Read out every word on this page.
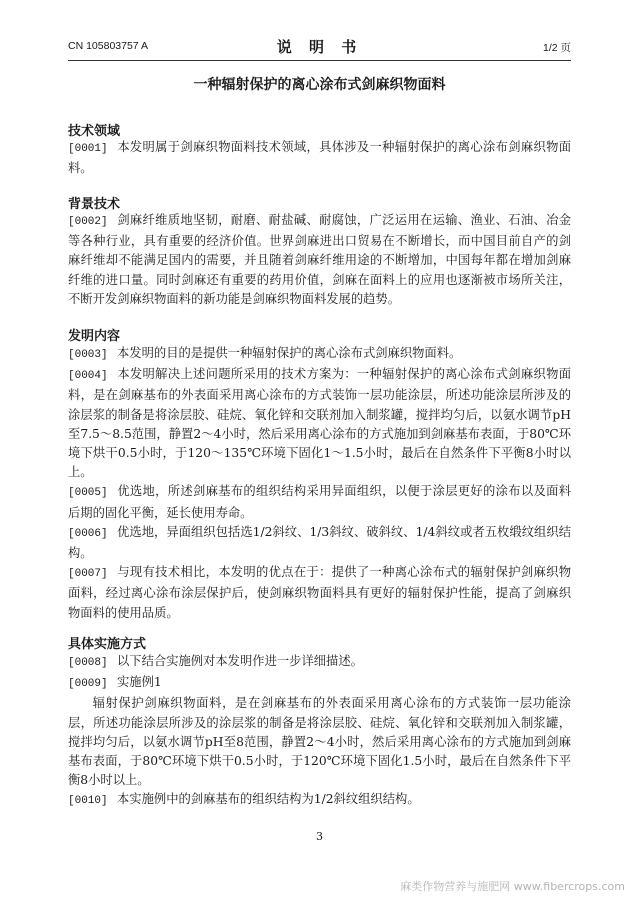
CN 105803757 A	说 明 书	1/2 页
一种辐射保护的离心涂布式剑麻织物面料
技术领域
[0001] 本发明属于剑麻织物面料技术领域，具体涉及一种辐射保护的离心涂布剑麻织物面料。
背景技术
[0002] 剑麻纤维质地坚韧，耐磨、耐盐碱、耐腐蚀，广泛运用在运输、渔业、石油、冶金等各种行业，具有重要的经济价值。世界剑麻进出口贸易在不断增长，而中国目前自产的剑麻纤维却不能满足国内的需要，并且随着剑麻纤维用途的不断增加，中国每年都在增加剑麻纤维的进口量。同时剑麻还有重要的药用价值，剑麻在面料上的应用也逐渐被市场所关注，不断开发剑麻织物面料的新功能是剑麻织物面料发展的趋势。
发明内容
[0003] 本发明的目的是提供一种辐射保护的离心涂布式剑麻织物面料。
[0004] 本发明解决上述问题所采用的技术方案为：一种辐射保护的离心涂布式剑麻织物面料，是在剑麻基布的外表面采用离心涂布的方式装饰一层功能涂层，所述功能涂层所涉及的涂层浆的制备是将涂层胶、硅烷、氧化锌和交联剂加入制浆罐，搅拌均匀后，以氨水调节pH至7.5～8.5范围，静置2～4小时，然后采用离心涂布的方式施加到剑麻基布表面，于80℃环境下烘干0.5小时，于120～135℃环境下固化1～1.5小时，最后在自然条件下平衡8小时以上。
[0005] 优选地，所述剑麻基布的组织结构采用异面组织，以便于涂层更好的涂布以及面料后期的固化平衡，延长使用寿命。
[0006] 优选地，异面组织包括选1/2斜纹、1/3斜纹、破斜纹、1/4斜纹或者五枚缎纹组织结构。
[0007] 与现有技术相比，本发明的优点在于：提供了一种离心涂布式的辐射保护剑麻织物面料，经过离心涂布涂层保护后，使剑麻织物面料具有更好的辐射保护性能，提高了剑麻织物面料的使用品质。
具体实施方式
[0008] 以下结合实施例对本发明作进一步详细描述。
[0009] 实施例1
辐射保护剑麻织物面料，是在剑麻基布的外表面采用离心涂布的方式装饰一层功能涂层，所述功能涂层所涉及的涂层浆的制备是将涂层胶、硅烷、氧化锌和交联剂加入制浆罐，搅拌均匀后，以氨水调节pH至8范围，静置2～4小时，然后采用离心涂布的方式施加到剑麻基布表面，于80℃环境下烘干0.5小时，于120℃环境下固化1.5小时，最后在自然条件下平衡8小时以上。
[0010] 本实施例中的剑麻基布的组织结构为1/2斜纹组织结构。
3
麻类作物营养与施肥网 www.fibercrops.com
